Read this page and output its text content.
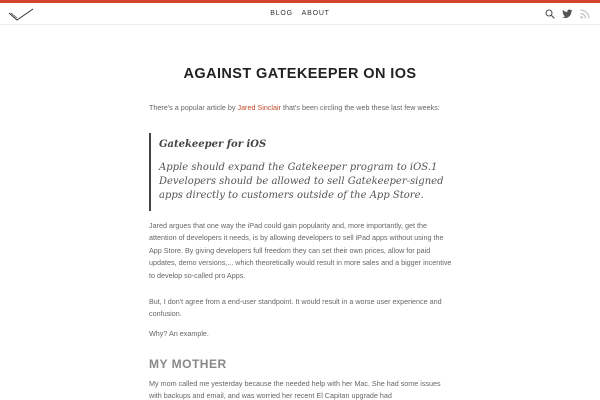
BLOG ABOUT
AGAINST GATEKEEPER ON IOS

There's a popular article by Jared Sinclair that's been circling the web these last few weeks:

Gatekeeper for iOS
Apple should expand the Gatekeeper program to iOS.1 Developers should be allowed to sell Gatekeeper-signed apps directly to customers outside of the App Store.

Jared argues that one way the iPad could gain popularity and, more importantly, get the attention of developers it needs, is by allowing developers to sell iPad apps without using the App Store. By giving developers full freedom they can set their own prices, allow for paid updates, demo versions,... which theoretically would result in more sales and a bigger incentive to develop so-called pro Apps.

But, I don't agree from a end-user standpoint. It would result in a worse user experience and confusion.

Why? An example.

MY MOTHER

My mom called me yesterday because the needed help with her Mac. She had some issues with backups and email, and was worried her recent El Capitan upgrade had
